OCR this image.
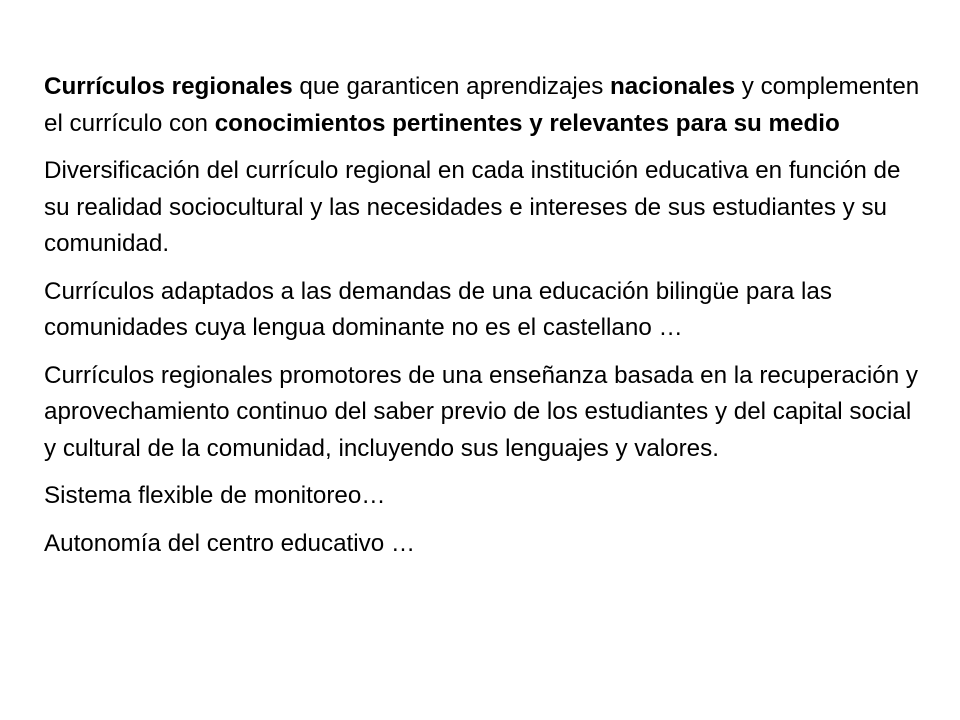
Currículos regionales que garanticen aprendizajes nacionales y complementen el currículo con conocimientos pertinentes y relevantes para su medio

Diversificación del currículo regional en cada institución educativa en función de su realidad sociocultural y las necesidades e intereses de sus estudiantes y su comunidad.

Currículos adaptados a las demandas de una educación bilingüe para las comunidades cuya lengua dominante no es el castellano …

Currículos regionales promotores de una enseñanza basada en la recuperación y aprovechamiento continuo del saber previo de los estudiantes y del capital social y cultural de la comunidad, incluyendo sus lenguajes y valores.

Sistema flexible de monitoreo…

Autonomía del centro educativo …
